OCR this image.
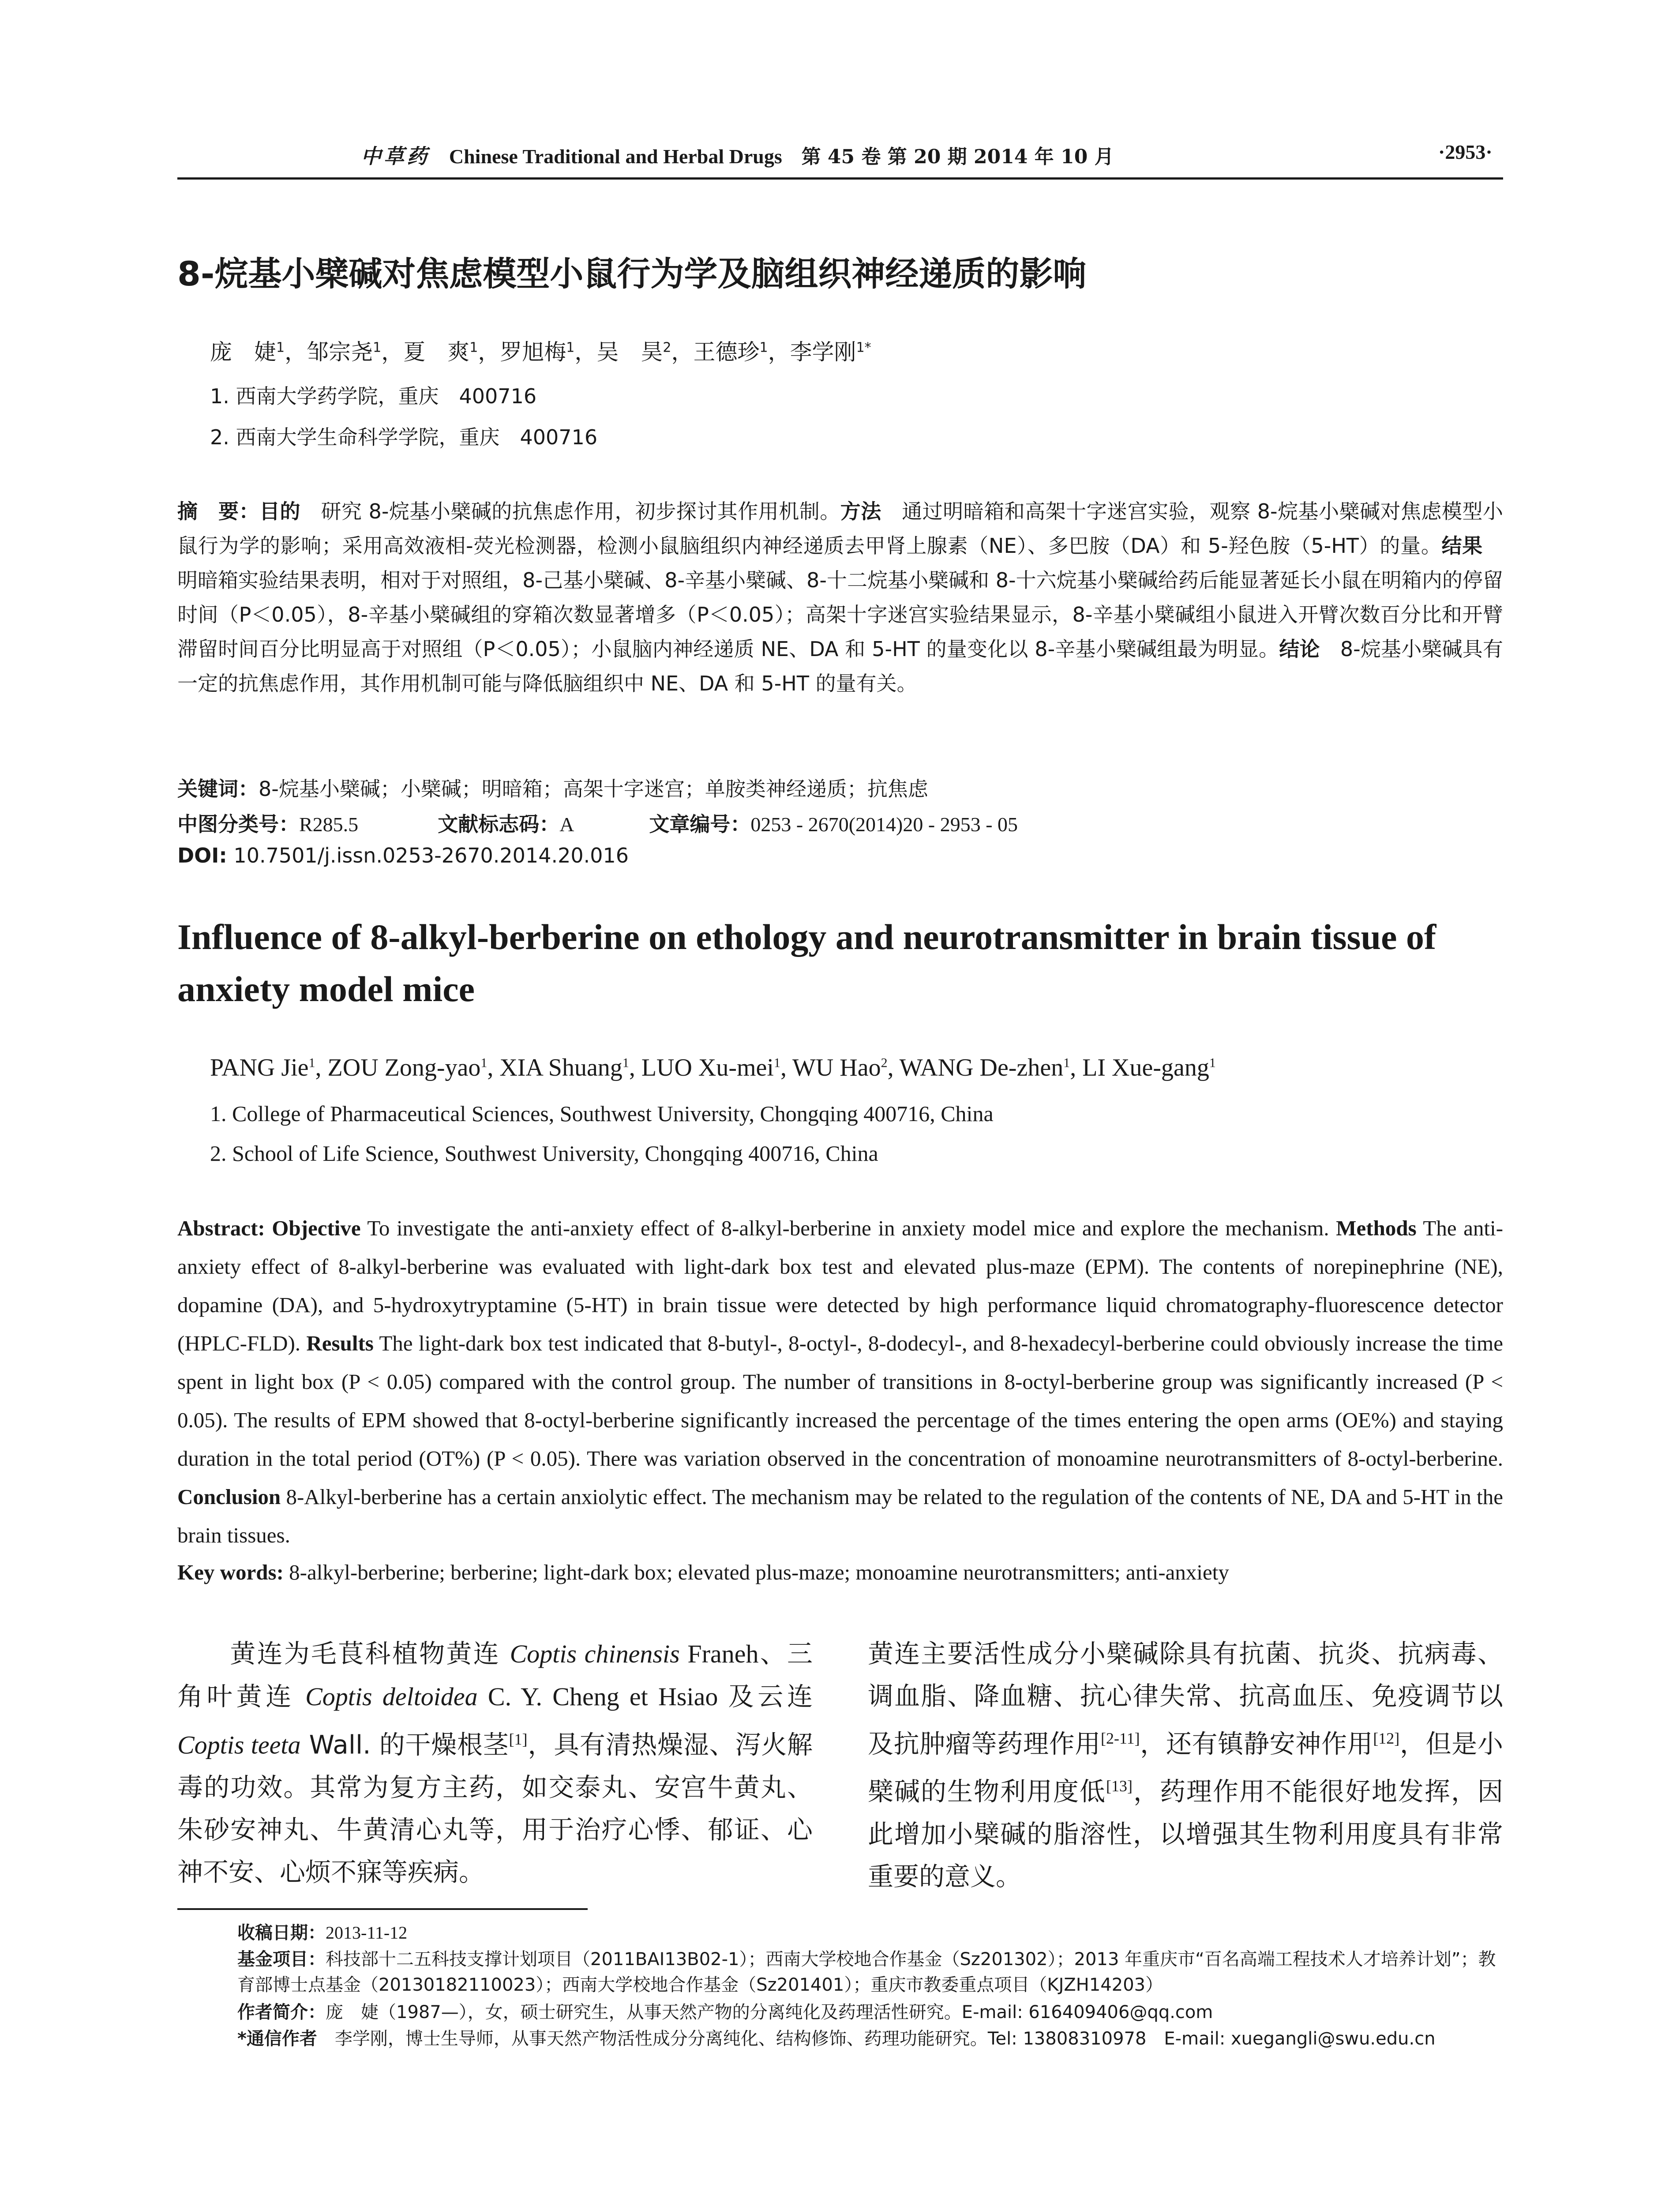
中草药 Chinese Traditional and Herbal Drugs 第 45 卷 第 20 期 2014 年 10 月	·2953·
8-烷基小檗碱对焦虑模型小鼠行为学及脑组织神经递质的影响
庞　婕$^1$，邹宗尧$^1$，夏　爽$^1$，罗旭梅$^1$，吴　昊$^2$，王德珍$^1$，李学刚$^{1*}$
1. 西南大学药学院，重庆　400716
2. 西南大学生命科学学院，重庆　400716
摘　要：目的　研究 8-烷基小檗碱的抗焦虑作用，初步探讨其作用机制。方法　通过明暗箱和高架十字迷宫实验，观察 8-烷基小檗碱对焦虑模型小鼠行为学的影响；采用高效液相-荧光检测器，检测小鼠脑组织内神经递质去甲肾上腺素（NE）、多巴胺（DA）和 5-羟色胺（5-HT）的量。结果　明暗箱实验结果表明，相对于对照组，8-己基小檗碱、8-辛基小檗碱、8-十二烷基小檗碱和 8-十六烷基小檗碱给药后能显著延长小鼠在明箱内的停留时间（P＜0.05），8-辛基小檗碱组的穿箱次数显著增多（P＜0.05）；高架十字迷宫实验结果显示，8-辛基小檗碱组小鼠进入开臂次数百分比和开臂滞留时间百分比明显高于对照组（P＜0.05）；小鼠脑内神经递质 NE、DA 和 5-HT 的量变化以 8-辛基小檗碱组最为明显。结论　8-烷基小檗碱具有一定的抗焦虑作用，其作用机制可能与降低脑组织中 NE、DA 和 5-HT 的量有关。
关键词：8-烷基小檗碱；小檗碱；明暗箱；高架十字迷宫；单胺类神经递质；抗焦虑
中图分类号：R285.5	文献标志码：A	文章编号：0253 - 2670(2014)20 - 2953 - 05
DOI: 10.7501/j.issn.0253-2670.2014.20.016
Influence of 8-alkyl-berberine on ethology and neurotransmitter in brain tissue of anxiety model mice
PANG Jie$^1$, ZOU Zong-yao$^1$, XIA Shuang$^1$, LUO Xu-mei$^1$, WU Hao$^2$, WANG De-zhen$^1$, LI Xue-gang$^1$
1. College of Pharmaceutical Sciences, Southwest University, Chongqing 400716, China
2. School of Life Science, Southwest University, Chongqing 400716, China
Abstract: Objective To investigate the anti-anxiety effect of 8-alkyl-berberine in anxiety model mice and explore the mechanism. Methods The anti-anxiety effect of 8-alkyl-berberine was evaluated with light-dark box test and elevated plus-maze (EPM). The contents of norepinephrine (NE), dopamine (DA), and 5-hydroxytryptamine (5-HT) in brain tissue were detected by high performance liquid chromatography-fluorescence detector (HPLC-FLD). Results The light-dark box test indicated that 8-butyl-, 8-octyl-, 8-dodecyl-, and 8-hexadecyl-berberine could obviously increase the time spent in light box (P < 0.05) compared with the control group. The number of transitions in 8-octyl-berberine group was significantly increased (P < 0.05). The results of EPM showed that 8-octyl-berberine significantly increased the percentage of the times entering the open arms (OE%) and staying duration in the total period (OT%) (P < 0.05). There was variation observed in the concentration of monoamine neurotransmitters of 8-octyl-berberine. Conclusion 8-Alkyl-berberine has a certain anxiolytic effect. The mechanism may be related to the regulation of the contents of NE, DA and 5-HT in the brain tissues.
Key words: 8-alkyl-berberine; berberine; light-dark box; elevated plus-maze; monoamine neurotransmitters; anti-anxiety
  黄连为毛茛科植物黄连 Coptis chinensis Franeh、三角叶黄连 Coptis deltoidea C. Y. Cheng et Hsiao 及云连 Coptis teeta Wall. 的干燥根茎[1]，具有清热燥湿、泻火解毒的功效。其常为复方主药，如交泰丸、安宫牛黄丸、朱砂安神丸、牛黄清心丸等，用于治疗心悸、郁证、心神不安、心烦不寐等疾病。
黄连主要活性成分小檗碱除具有抗菌、抗炎、抗病毒、调血脂、降血糖、抗心律失常、抗高血压、免疫调节以及抗肿瘤等药理作用[2-11]，还有镇静安神作用[12]，但是小檗碱的生物利用度低[13]，药理作用不能很好地发挥，因此增加小檗碱的脂溶性，以增强其生物利用度具有非常重要的意义。
收稿日期：2013-11-12
基金项目：科技部十二五科技支撑计划项目（2011BAI13B02-1）；西南大学校地合作基金（Sz201302）；2013 年重庆市“百名高端工程技术人才培养计划”；教育部博士点基金（20130182110023）；西南大学校地合作基金（Sz201401）；重庆市教委重点项目（KJZH14203）
作者简介：庞　婕（1987—），女，硕士研究生，从事天然产物的分离纯化及药理活性研究。E-mail: 616409406@qq.com
*通信作者　李学刚，博士生导师，从事天然产物活性成分分离纯化、结构修饰、药理功能研究。Tel: 13808310978　E-mail: xuegangli@swu.edu.cn
